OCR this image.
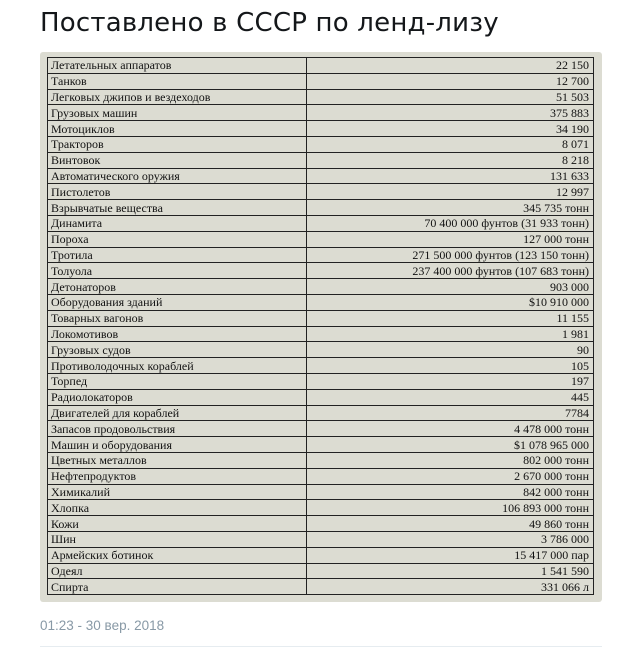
Поставлено в СССР по ленд-лизу
Летательных аппаратов	22 150
Танков	12 700
Легковых джипов и вездеходов	51 503
Грузовых машин	375 883
Мотоциклов	34 190
Тракторов	8 071
Винтовок	8 218
Автоматического оружия	131 633
Пистолетов	12 997
Взрывчатые вещества	345 735 тонн
Динамита	70 400 000 фунтов (31 933 тонн)
Пороха	127 000 тонн
Тротила	271 500 000 фунтов (123 150 тонн)
Толуола	237 400 000 фунтов (107 683 тонн)
Детонаторов	903 000
Оборудования зданий	$10 910 000
Товарных вагонов	11 155
Локомотивов	1 981
Грузовых судов	90
Противолодочных кораблей	105
Торпед	197
Радиолокаторов	445
Двигателей для кораблей	7784
Запасов продовольствия	4 478 000 тонн
Машин и оборудования	$1 078 965 000
Цветных металлов	802 000 тонн
Нефтепродуктов	2 670 000 тонн
Химикалий	842 000 тонн
Хлопка	106 893 000 тонн
Кожи	49 860 тонн
Шин	3 786 000
Армейских ботинок	15 417 000 пар
Одеял	1 541 590
Спирта	331 066 л
01:23 - 30 вер. 2018
